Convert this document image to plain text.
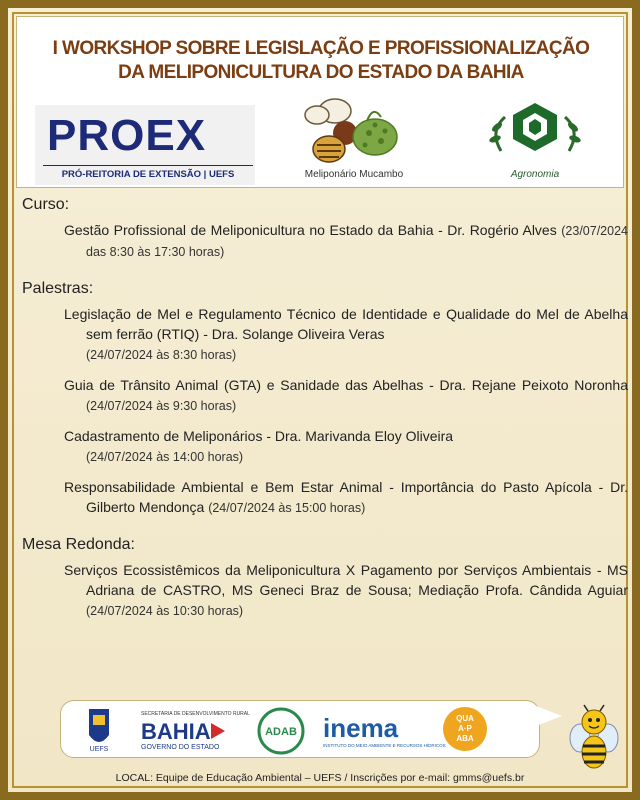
I WORKSHOP SOBRE LEGISLAÇÃO E PROFISSIONALIZAÇÃO
DA MELIPONICULTURA DO ESTADO DA BAHIA
PROEX
PRÓ-REITORIA DE EXTENSÃO | UEFS	Meliponário Mucambo	Agronomia
Curso:
Gestão Profissional de Meliponicultura no Estado da Bahia - Dr. Rogério Alves (23/07/2024 das 8:30 às 17:30 horas)
Palestras:
Legislação de Mel e Regulamento Técnico de Identidade e Qualidade do Mel de Abelha sem ferrão (RTIQ) - Dra. Solange Oliveira Veras
(24/07/2024 às 8:30 horas)
Guia de Trânsito Animal (GTA) e Sanidade das Abelhas - Dra. Rejane Peixoto Noronha (24/07/2024 às 9:30 horas)
Cadastramento de Meliponários - Dra. Marivanda Eloy Oliveira
(24/07/2024 às 14:00 horas)
Responsabilidade Ambiental e Bem Estar Animal - Importância do Pasto Apícola - Dr. Gilberto Mendonça (24/07/2024 às 15:00 horas)
Mesa Redonda:
Serviços Ecossistêmicos da Meliponicultura X Pagamento por Serviços Ambientais - MS Adriana de CASTRO, MS Geneci Braz de Sousa; Mediação Profa. Cândida Aguiar (24/07/2024 às 10:30 horas)
UEFS
SECRETARIA DE DESENVOLVIMENTO RURAL
BAHIA
GOVERNO DO ESTADO
ADAB inema
INSTITUTO DO MEIO AMBIENTE E RECURSOS HÍDRICOS
QUA
A·P
ABA
LOCAL: Equipe de Educação Ambiental – UEFS / Inscrições por e-mail: gmms@uefs.br
